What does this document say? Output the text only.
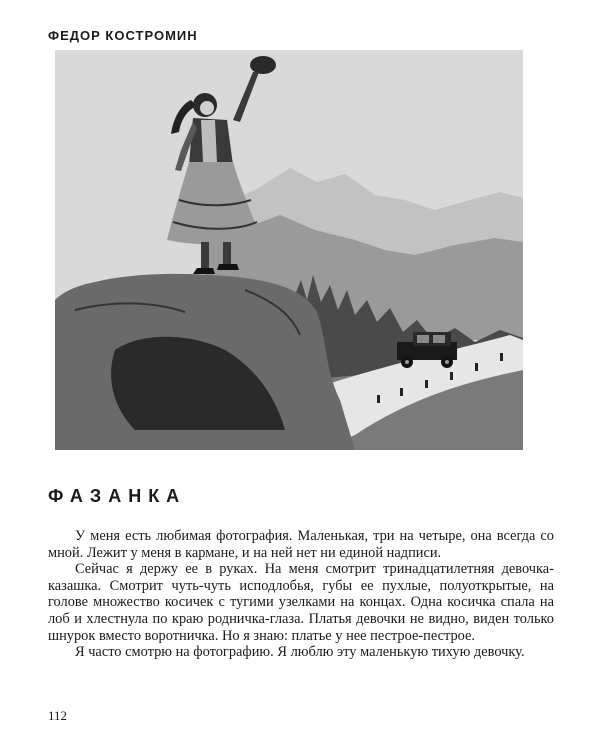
ФЕДОР КОСТРОМИН
ФАЗАНКА

У меня есть любимая фотография. Маленькая, три на четыре, она всегда со мной. Лежит у меня в кармане, и на ней нет ни единой надписи.

Сейчас я держу ее в руках. На меня смотрит тринадцатилетняя девочка-казашка. Смотрит чуть-чуть исподлобья, губы ее пухлые, полуоткрытые, на голове множество косичек с тугими узелками на концах. Одна косичка спала на лоб и хлестнула по краю родничка-глаза. Платья девочки не видно, виден только шнурок вместо воротничка. Но я знаю: платье у нее пестрое-пестрое.

Я часто смотрю на фотографию. Я люблю эту маленькую тихую девочку.

112
